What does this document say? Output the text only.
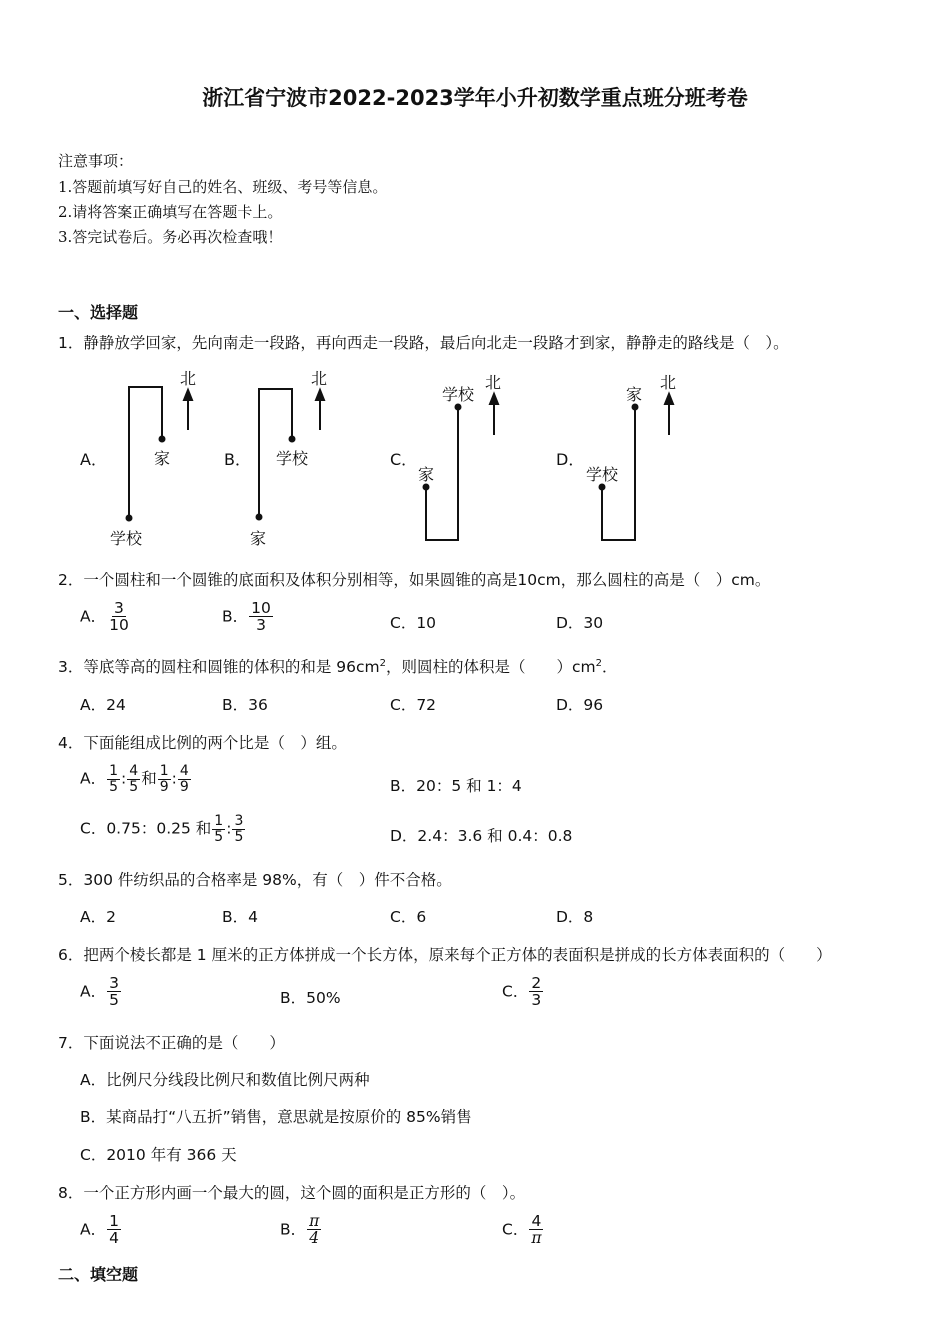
浙江省宁波市2022-2023学年小升初数学重点班分班考卷
注意事项：
1.答题前填写好自己的姓名、班级、考号等信息。
2.请将答案正确填写在答题卡上。
3.答完试卷后。务必再次检查哦！
一、选择题
1．静静放学回家，先向南走一段路，再向西走一段路，最后向北走一段路才到家，静静走的路线是（　）。
A．
北
家
学校
B．
北
学校
家
C．
北
学校
家
D．
北
家
学校
2．一个圆柱和一个圆锥的底面积及体积分别相等，如果圆锥的高是10cm，那么圆柱的高是（　）cm。
A． $\frac{3}{10}$	B． $\frac{10}{3}$	C．10	D．30
3．等底等高的圆柱和圆锥的体积的和是 $96cm^2$，则圆柱的体积是（　　）$cm^2$．
A．24	B．36	C．72	D．96
4．下面能组成比例的两个比是（　）组。
A． $\frac{1}{5}$ : $\frac{4}{5}$ 和 $\frac{1}{9}$ : $\frac{4}{9}$	B．20：5 和 1：4
C．0.75：0.25 和 $\frac{1}{5}$ : $\frac{3}{5}$	D．2.4：3.6 和 0.4：0.8
5．300 件纺织品的合格率是 98%，有（　）件不合格。
A．2	B．4	C．6	D．8
6．把两个棱长都是 1 厘米的正方体拼成一个长方体，原来每个正方体的表面积是拼成的长方体表面积的（　　）
A． $\frac{3}{5}$	B．50%	C． $\frac{2}{3}$
7．下面说法不正确的是（　　）
A．比例尺分线段比例尺和数值比例尺两种
B．某商品打“八五折”销售，意思就是按原价的 85%销售
C．2010 年有 366 天
8．一个正方形内画一个最大的圆，这个圆的面积是正方形的（　）。
A． $\frac{1}{4}$	B． $\frac{\pi}{4}$	C． $\frac{4}{\pi}$
二、填空题
